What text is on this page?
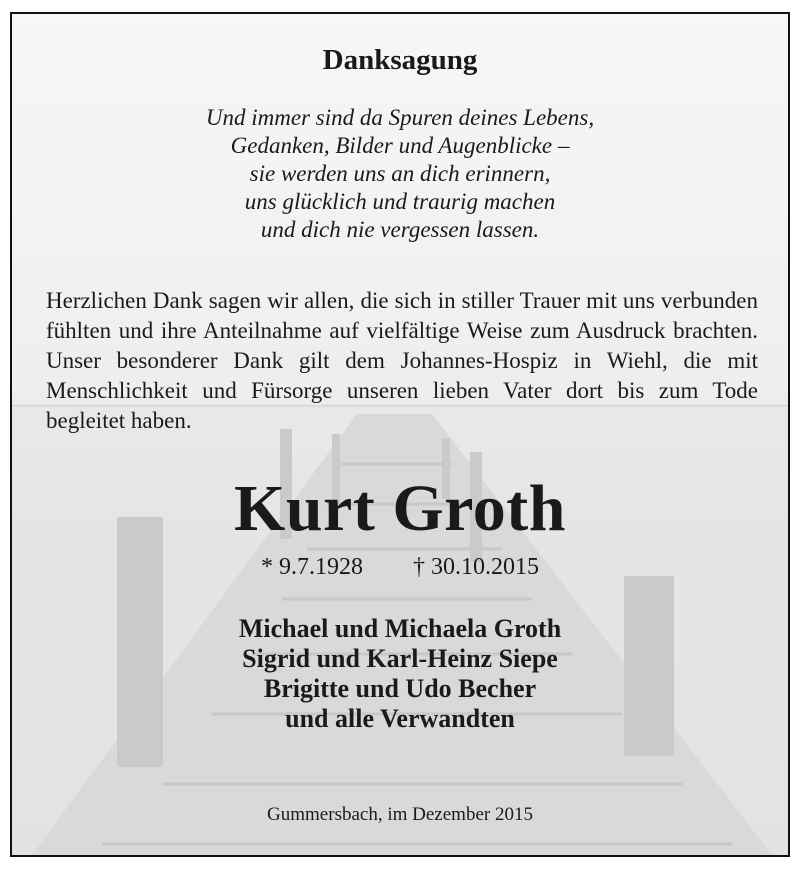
Danksagung
Und immer sind da Spuren deines Lebens,
Gedanken, Bilder und Augenblicke –
sie werden uns an dich erinnern,
uns glücklich und traurig machen
und dich nie vergessen lassen.
Herzlichen Dank sagen wir allen, die sich in stiller Trauer mit uns verbunden fühlten und ihre Anteilnahme auf vielfältige Weise zum Ausdruck brachten. Unser besonderer Dank gilt dem Johannes-Hospiz in Wiehl, die mit Menschlichkeit und Fürsorge unseren lieben Vater dort bis zum Tode begleitet haben.
Kurt Groth
* 9.7.1928 † 30.10.2015
Michael und Michaela Groth
Sigrid und Karl-Heinz Siepe
Brigitte und Udo Becher
und alle Verwandten
Gummersbach, im Dezember 2015
